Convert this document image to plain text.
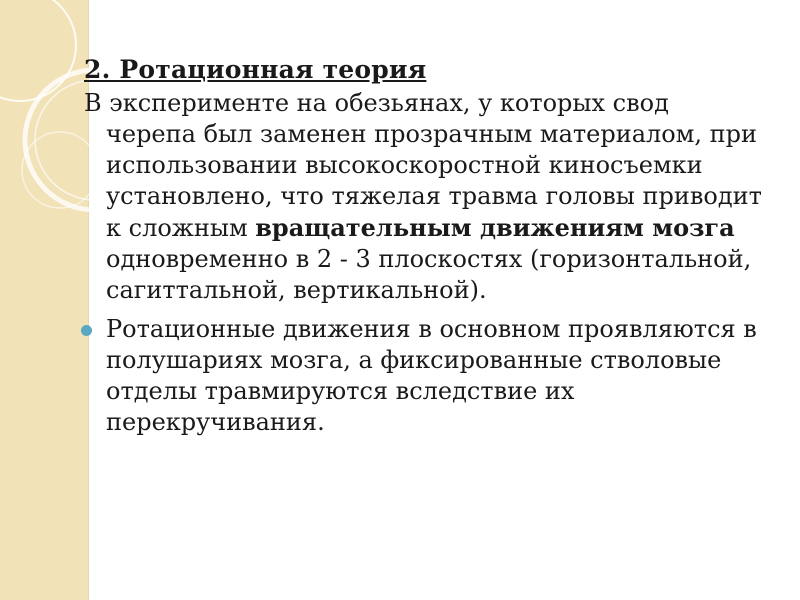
2. Ротационная теория

В эксперименте на обезьянах, у которых свод черепа был заменен прозрачным материалом, при использовании высокоскоростной киносъемки установлено, что тяжелая травма головы приводит к сложным вращательным движениям мозга одновременно в 2 - 3 плоскостях (горизонтальной, сагиттальной, вертикальной).

Ротационные движения в основном проявляются в полушариях мозга, а фиксированные стволовые отделы травмируются вследствие их перекручивания.
